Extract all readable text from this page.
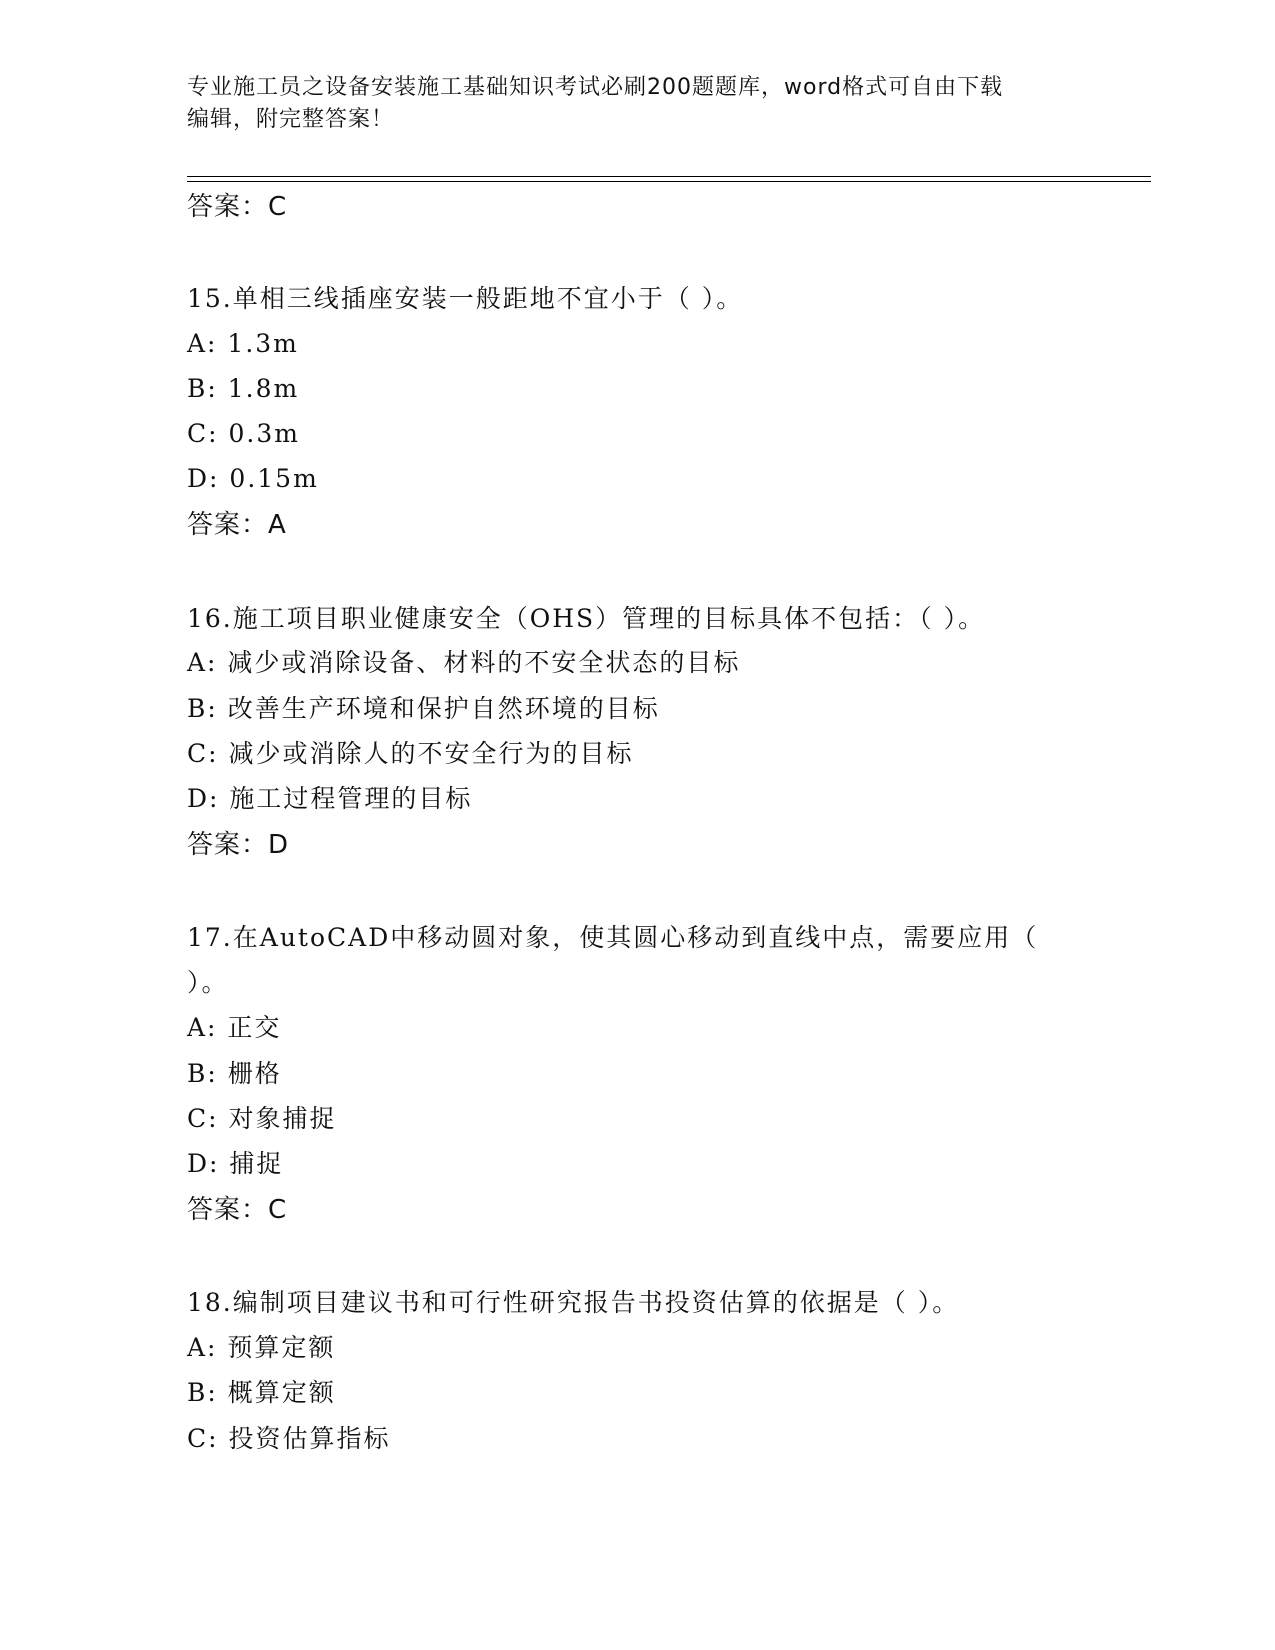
专业施工员之设备安装施工基础知识考试必刷200题题库，word格式可自由下载
编辑，附完整答案！
答案：C
15.单相三线插座安装一般距地不宜小于（ ）。
A: 1.3m
B: 1.8m
C: 0.3m
D: 0.15m
答案：A
16.施工项目职业健康安全（OHS）管理的目标具体不包括：（ ）。
A: 减少或消除设备、材料的不安全状态的目标
B: 改善生产环境和保护自然环境的目标
C: 减少或消除人的不安全行为的目标
D: 施工过程管理的目标
答案：D
17.在AutoCAD中移动圆对象，使其圆心移动到直线中点，需要应用（
）。
A: 正交
B: 栅格
C: 对象捕捉
D: 捕捉
答案：C
18.编制项目建议书和可行性研究报告书投资估算的依据是（ ）。
A: 预算定额
B: 概算定额
C: 投资估算指标
